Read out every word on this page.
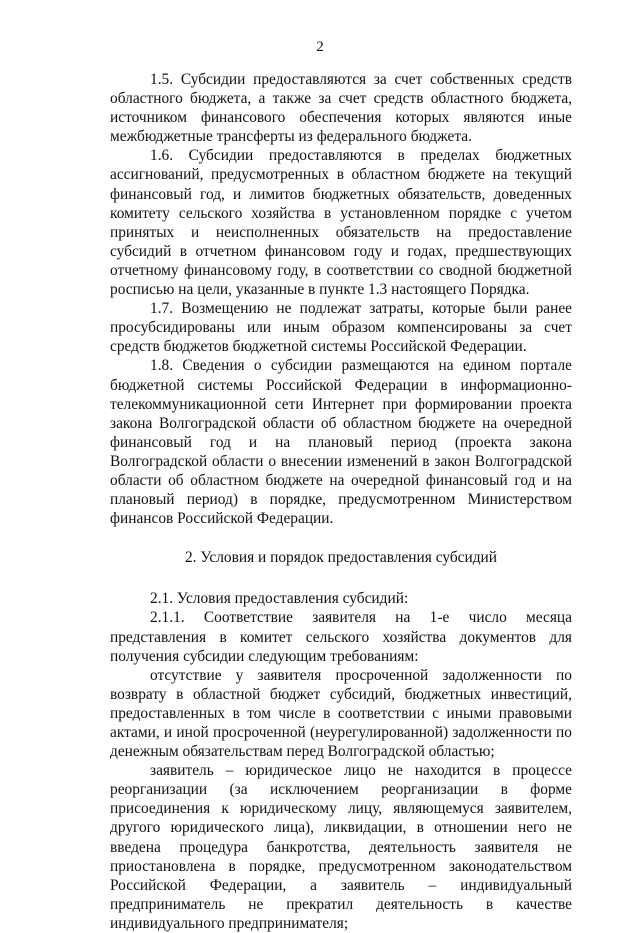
2

1.5. Субсидии предоставляются за счет собственных средств областного бюджета, а также за счет средств областного бюджета, источником финансового обеспечения которых являются иные межбюджетные трансферты из федерального бюджета.

1.6. Субсидии предоставляются в пределах бюджетных ассигнований, предусмотренных в областном бюджете на текущий финансовый год, и лимитов бюджетных обязательств, доведенных комитету сельского хозяйства в установленном порядке с учетом принятых и неисполненных обязательств на предоставление субсидий в отчетном финансовом году и годах, предшествующих отчетному финансовому году, в соответствии со сводной бюджетной росписью на цели, указанные в пункте 1.3 настоящего Порядка.

1.7. Возмещению не подлежат затраты, которые были ранее просубсидированы или иным образом компенсированы за счет средств бюджетов бюджетной системы Российской Федерации.

1.8. Сведения о субсидии размещаются на едином портале бюджетной системы Российской Федерации в информационно-телекоммуникационной сети Интернет при формировании проекта закона Волгоградской области об областном бюджете на очередной финансовый год и на плановый период (проекта закона Волгоградской области о внесении изменений в закон Волгоградской области об областном бюджете на очередной финансовый год и на плановый период) в порядке, предусмотренном Министерством финансов Российской Федерации.

2. Условия и порядок предоставления субсидий

2.1. Условия предоставления субсидий:

2.1.1. Соответствие заявителя на 1-е число месяца представления в комитет сельского хозяйства документов для получения субсидии следующим требованиям:

отсутствие у заявителя просроченной задолженности по возврату в областной бюджет субсидий, бюджетных инвестиций, предоставленных в том числе в соответствии с иными правовыми актами, и иной просроченной (неурегулированной) задолженности по денежным обязательствам перед Волгоградской областью;

заявитель – юридическое лицо не находится в процессе реорганизации (за исключением реорганизации в форме присоединения к юридическому лицу, являющемуся заявителем, другого юридического лица), ликвидации, в отношении него не введена процедура банкротства, деятельность заявителя не приостановлена в порядке, предусмотренном законодательством Российской Федерации, а заявитель – индивидуальный предприниматель не прекратил деятельность в качестве индивидуального предпринимателя;
